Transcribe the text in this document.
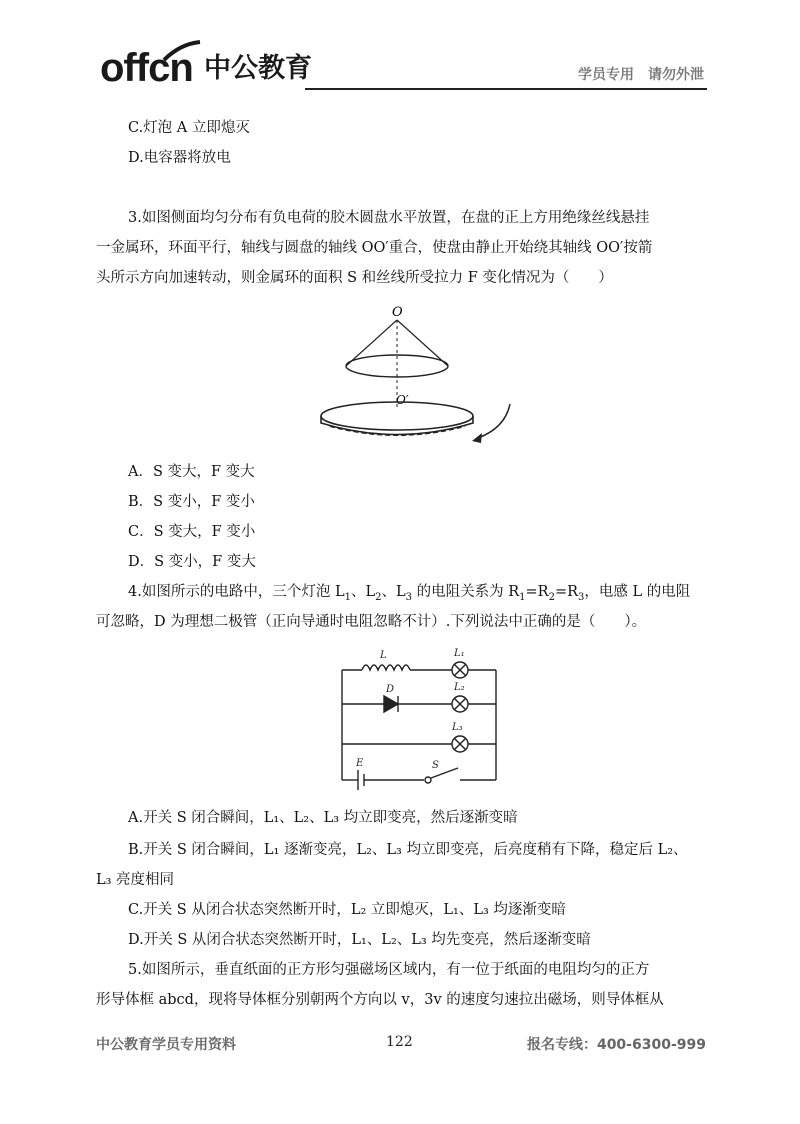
offcn 中公教育	学员专用　请勿外泄
C.灯泡 A 立即熄灭
D.电容器将放电
3.如图侧面均匀分布有负电荷的胶木圆盘水平放置，在盘的正上方用绝缘丝线悬挂
一金属环，环面平行，轴线与圆盘的轴线 OO′重合，使盘由静止开始绕其轴线 OO′按箭
头所示方向加速转动，则金属环的面积 S 和丝线所受拉力 F 变化情况为（　　）
O
O′
A．S 变大，F 变大
B．S 变小，F 变小
C．S 变大，F 变小
D．S 变小，F 变大
4.如图所示的电路中，三个灯泡 $L_1$、$L_2$、$L_3$ 的电阻关系为 $R_1=R_2=R_3$，电感 L 的电阻
可忽略，D 为理想二极管（正向导通时电阻忽略不计）.下列说法中正确的是（　　）。
L	L₁
L₂
D
L₃
E	S
A.开关 S 闭合瞬间，L₁、L₂、L₃ 均立即变亮，然后逐渐变暗
B.开关 S 闭合瞬间，L₁ 逐渐变亮，L₂、L₃ 均立即变亮，后亮度稍有下降，稳定后 L₂、
L₃ 亮度相同
C.开关 S 从闭合状态突然断开时，L₂ 立即熄灭，L₁、L₃ 均逐渐变暗
D.开关 S 从闭合状态突然断开时，L₁、L₂、L₃ 均先变亮，然后逐渐变暗
5.如图所示，垂直纸面的正方形匀强磁场区域内，有一位于纸面的电阻均匀的正方
形导体框 abcd，现将导体框分别朝两个方向以 v，3v 的速度匀速拉出磁场，则导体框从
中公教育学员专用资料	122	报名专线：400-6300-999
